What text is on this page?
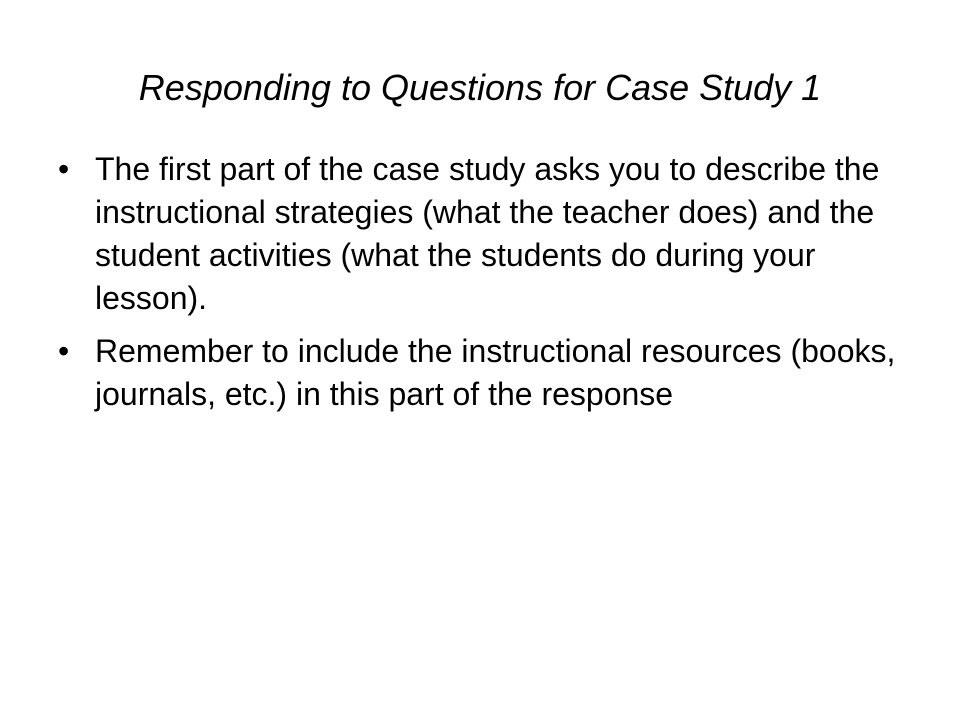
Responding to Questions for Case Study 1
• The first part of the case study asks you to describe the instructional strategies (what the teacher does) and the student activities (what the students do during your lesson).
• Remember to include the instructional resources (books, journals, etc.) in this part of the response
